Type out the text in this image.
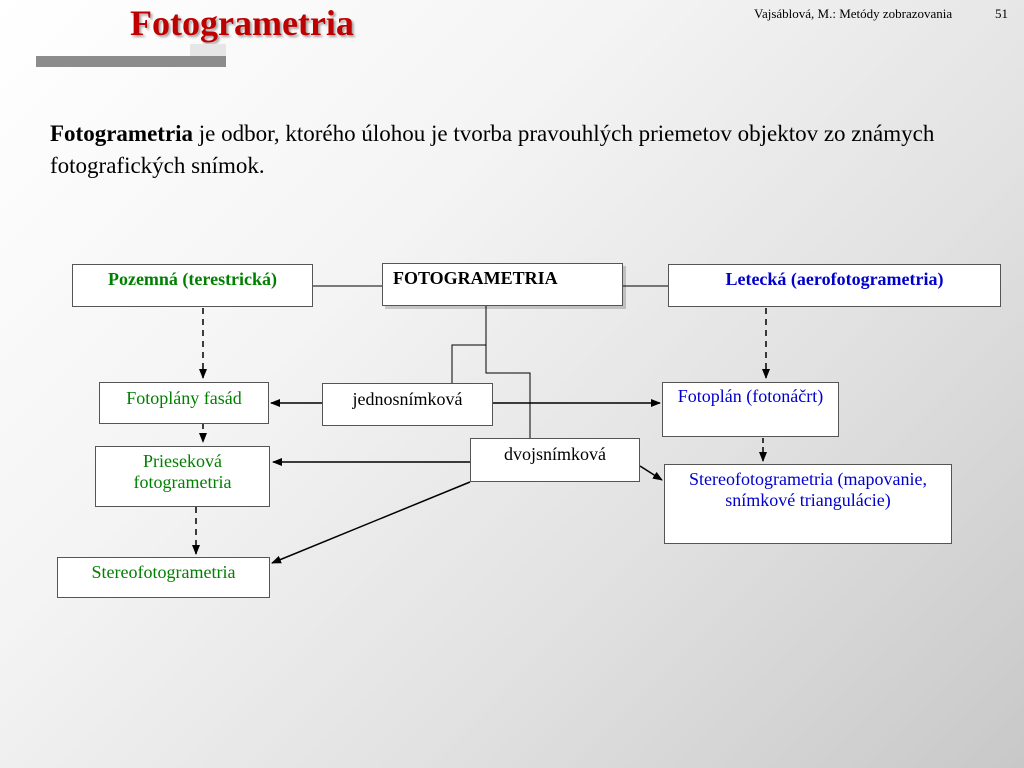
Fotogrametria	Vajsáblová, M.: Metódy zobrazovania	51
Fotogrametria je odbor, ktorého úlohou je tvorba pravouhlých priemetov objektov zo známych fotografických snímok.
FOTOGRAMETRIA
Pozemná (terestrická)	Letecká (aerofotogrametria)
jednosnímková
dvojsnímková
Fotoplány fasád
Prieseková fotogrametria
Stereofotogrametria
Fotoplán (fotonáčrt)
Stereofotogrametria (mapovanie, snímkové triangulácie)
